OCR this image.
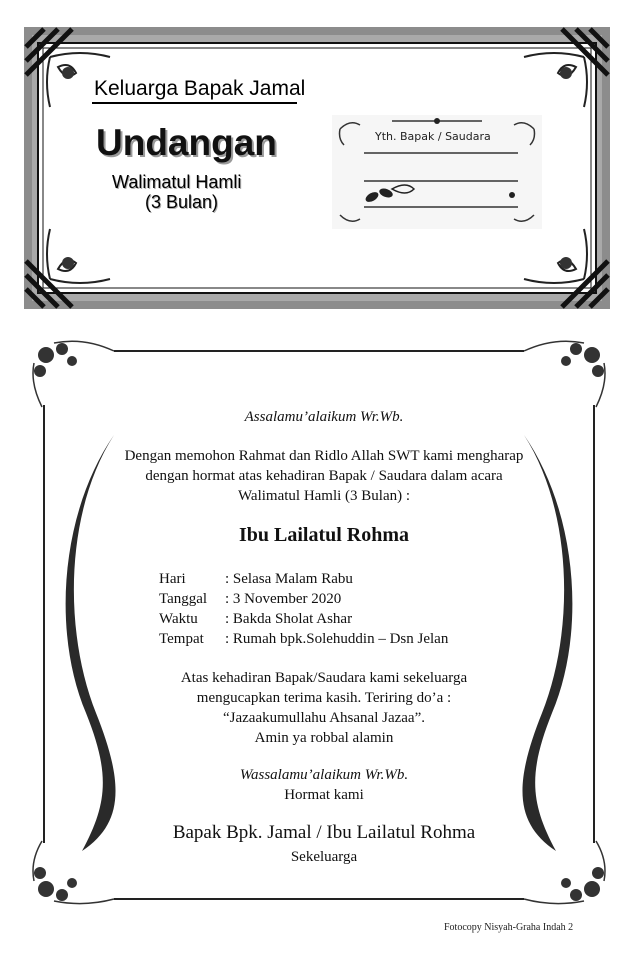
Keluarga Bapak Jamal
Undangan
Walimatul Hamli
(3 Bulan)
Yth. Bapak / Saudara
Assalamu’alaikum Wr.Wb.
Dengan memohon Rahmat dan Ridlo Allah SWT kami mengharap
dengan hormat atas kehadiran Bapak / Saudara dalam acara
Walimatul Hamli (3 Bulan) :
Ibu Lailatul Rohma
Hari	: Selasa Malam Rabu
Tanggal : 3 November 2020
Waktu : Bakda Sholat Ashar
Tempat : Rumah bpk.Solehuddin – Dsn Jelan
Atas kehadiran Bapak/Saudara kami sekeluarga
mengucapkan terima kasih. Teriring do’a :
“Jazaakumullahu Ahsanal Jazaa”.
Amin ya robbal alamin
Wassalamu’alaikum Wr.Wb.
Hormat kami
Bapak Bpk. Jamal / Ibu Lailatul Rohma
Sekeluarga
Fotocopy Nisyah-Graha Indah 2
